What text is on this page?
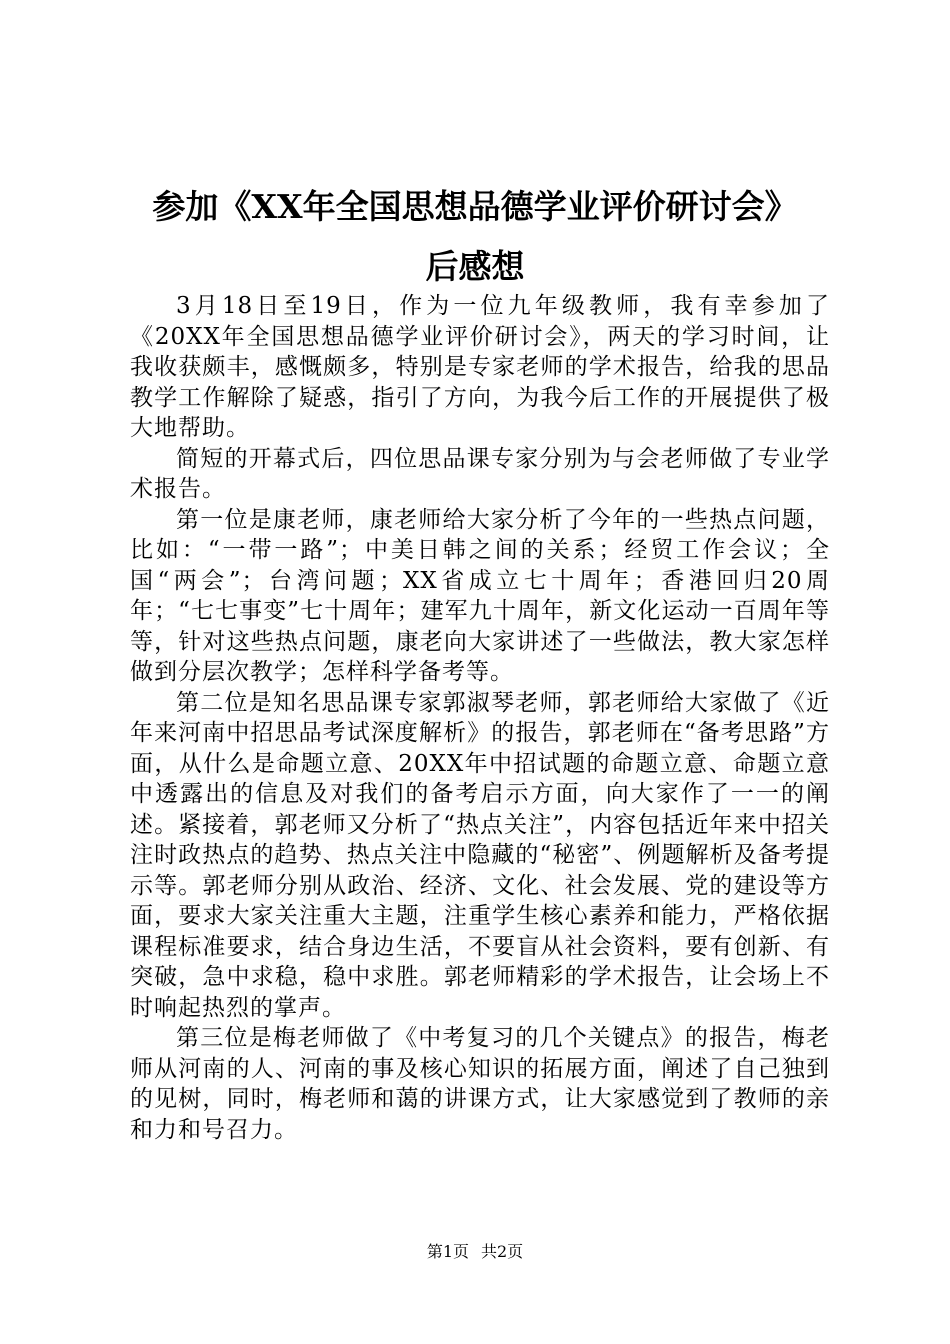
参加《XX年全国思想品德学业评价研讨会》
后感想

3月18日至19日，作为一位九年级教师，我有幸参加了《20XX年全国思想品德学业评价研讨会》，两天的学习时间，让我收获颇丰，感慨颇多，特别是专家老师的学术报告，给我的思品教学工作解除了疑惑，指引了方向，为我今后工作的开展提供了极大地帮助。

简短的开幕式后，四位思品课专家分别为与会老师做了专业学术报告。

第一位是康老师，康老师给大家分析了今年的一些热点问题，比如：“一带一路”；中美日韩之间的关系；经贸工作会议；全国“两会”；台湾问题；XX省成立七十周年；香港回归20周年；“七七事变”七十周年；建军九十周年，新文化运动一百周年等等，针对这些热点问题，康老向大家讲述了一些做法，教大家怎样做到分层次教学；怎样科学备考等。

第二位是知名思品课专家郭淑琴老师，郭老师给大家做了《近年来河南中招思品考试深度解析》的报告，郭老师在“备考思路”方面，从什么是命题立意、20XX年中招试题的命题立意、命题立意中透露出的信息及对我们的备考启示方面，向大家作了一一的阐述。紧接着，郭老师又分析了“热点关注”，内容包括近年来中招关注时政热点的趋势、热点关注中隐藏的“秘密”、例题解析及备考提示等。郭老师分别从政治、经济、文化、社会发展、党的建设等方面，要求大家关注重大主题，注重学生核心素养和能力，严格依据课程标准要求，结合身边生活，不要盲从社会资料，要有创新、有突破，急中求稳，稳中求胜。郭老师精彩的学术报告，让会场上不时响起热烈的掌声。

第三位是梅老师做了《中考复习的几个关键点》的报告，梅老师从河南的人、河南的事及核心知识的拓展方面，阐述了自己独到的见树，同时，梅老师和蔼的讲课方式，让大家感觉到了教师的亲和力和号召力。

第1页 共2页
